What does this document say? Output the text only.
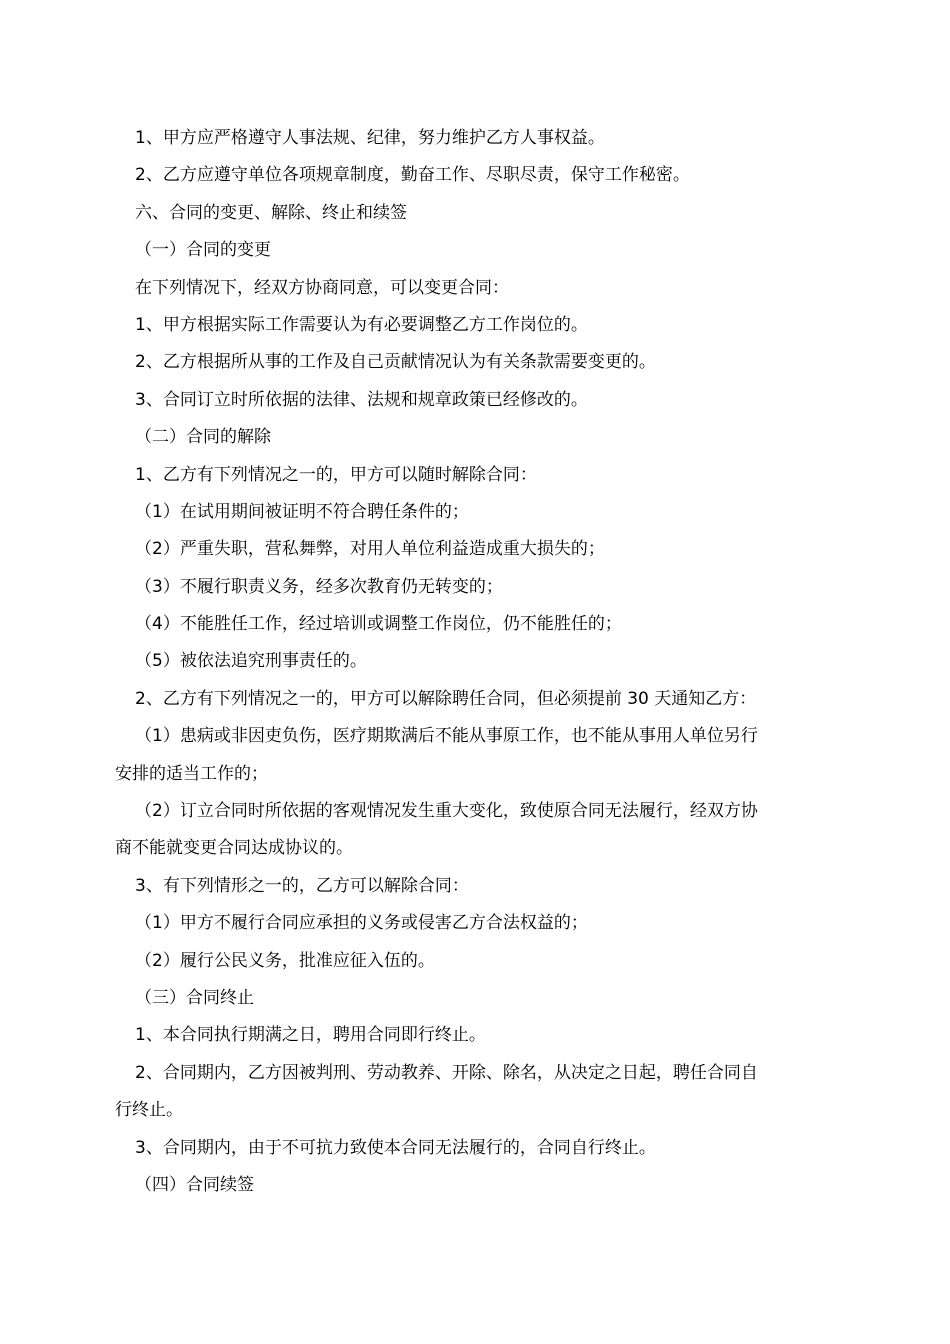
1、甲方应严格遵守人事法规、纪律，努力维护乙方人事权益。
2、乙方应遵守单位各项规章制度，勤奋工作、尽职尽责，保守工作秘密。
六、合同的变更、解除、终止和续签
（一）合同的变更
在下列情况下，经双方协商同意，可以变更合同：
1、甲方根据实际工作需要认为有必要调整乙方工作岗位的。
2、乙方根据所从事的工作及自己贡献情况认为有关条款需要变更的。
3、合同订立时所依据的法律、法规和规章政策已经修改的。
（二）合同的解除
1、乙方有下列情况之一的，甲方可以随时解除合同：
（1）在试用期间被证明不符合聘任条件的；
（2）严重失职，营私舞弊，对用人单位利益造成重大损失的；
（3）不履行职责义务，经多次教育仍无转变的；
（4）不能胜任工作，经过培训或调整工作岗位，仍不能胜任的；
（5）被依法追究刑事责任的。
2、乙方有下列情况之一的，甲方可以解除聘任合同，但必须提前 30 天通知乙方：
（1）患病或非因吏负伤，医疗期欺满后不能从事原工作，也不能从事用人单位另行
安排的适当工作的；
（2）订立合同时所依据的客观情况发生重大变化，致使原合同无法履行，经双方协
商不能就变更合同达成协议的。
3、有下列情形之一的，乙方可以解除合同：
（1）甲方不履行合同应承担的义务或侵害乙方合法权益的；
（2）履行公民义务，批准应征入伍的。
（三）合同终止
1、本合同执行期满之日，聘用合同即行终止。
2、合同期内，乙方因被判刑、劳动教养、开除、除名，从决定之日起，聘任合同自
行终止。
3、合同期内，由于不可抗力致使本合同无法履行的，合同自行终止。
（四）合同续签
